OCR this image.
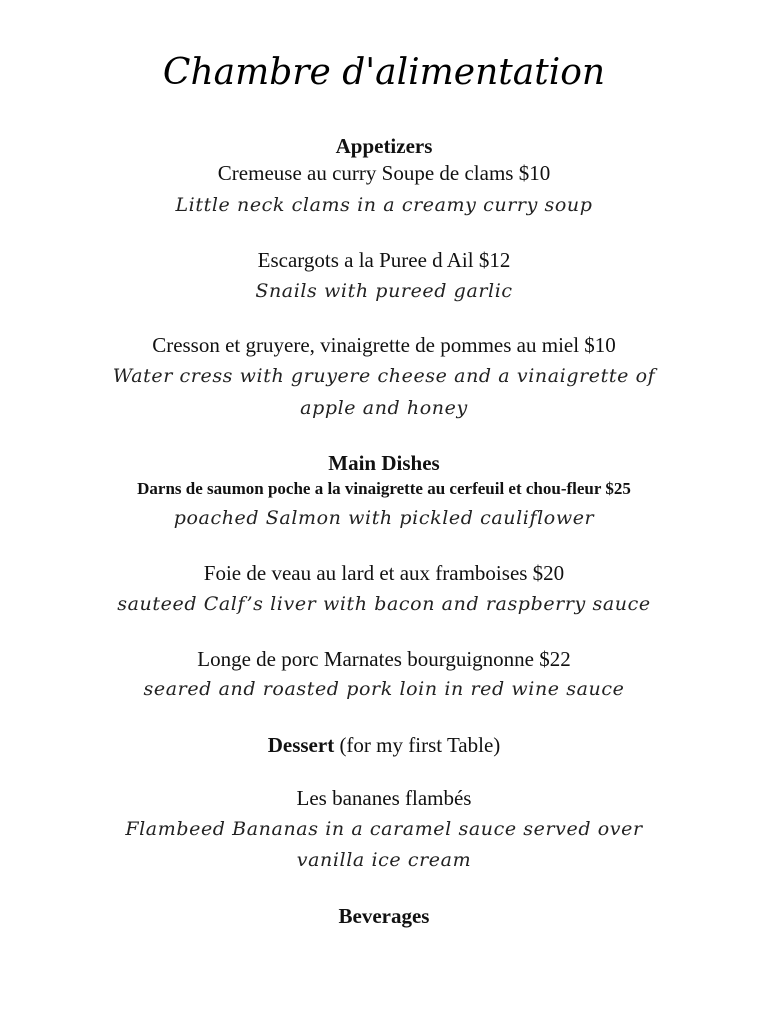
Chambre d'alimentation
Appetizers
Cremeuse au curry Soupe de clams $10
Little neck clams in a creamy curry soup
Escargots a la Puree d Ail $12
Snails with pureed garlic
Cresson et gruyere, vinaigrette de pommes au miel $10
Water cress with gruyere cheese and a vinaigrette of
apple and honey
Main Dishes
Darns de saumon poche a la vinaigrette au cerfeuil et chou-fleur $25
poached Salmon with pickled cauliflower
Foie de veau au lard et aux framboises $20
sauteed Calf’s liver with bacon and raspberry sauce
Longe de porc Marnates bourguignonne $22
seared and roasted pork loin in red wine sauce
Dessert (for my first Table)
Les bananes flambés
Flambeed Bananas in a caramel sauce served over
vanilla ice cream
Beverages
